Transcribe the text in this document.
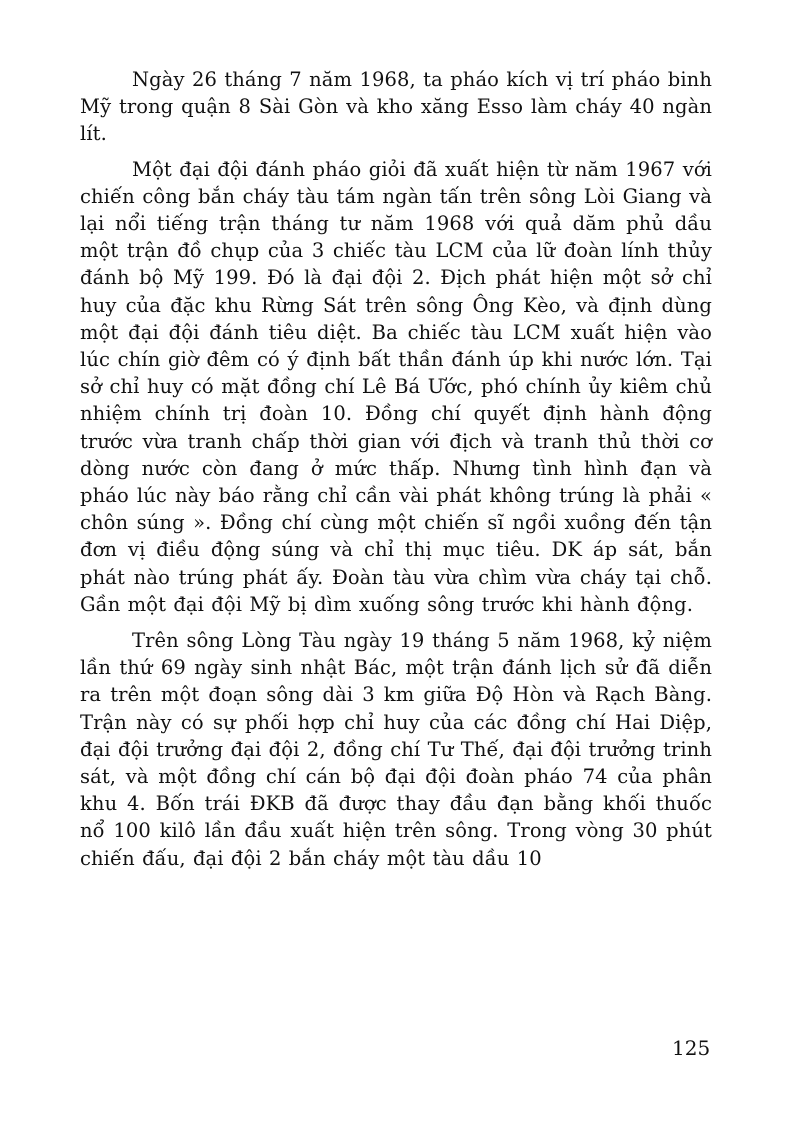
Ngày 26 tháng 7 năm 1968, ta pháo kích vị trí pháo binh Mỹ trong quận 8 Sài Gòn và kho xăng Esso làm cháy 40 ngàn lít.

Một đại đội đánh pháo giỏi đã xuất hiện từ năm 1967 với chiến công bắn cháy tàu tám ngàn tấn trên sông Lòi Giang và lại nổi tiếng trận tháng tư năm 1968 với quả dăm phủ dầu một trận đồ chụp của 3 chiếc tàu LCM của lữ đoàn lính thủy đánh bộ Mỹ 199. Đó là đại đội 2. Địch phát hiện một sở chỉ huy của đặc khu Rừng Sát trên sông Ông Kèo, và định dùng một đại đội đánh tiêu diệt. Ba chiếc tàu LCM xuất hiện vào lúc chín giờ đêm có ý định bất thần đánh úp khi nước lớn. Tại sở chỉ huy có mặt đồng chí Lê Bá Ước, phó chính ủy kiêm chủ nhiệm chính trị đoàn 10. Đồng chí quyết định hành động trước vừa tranh chấp thời gian với địch và tranh thủ thời cơ dòng nước còn đang ở mức thấp. Nhưng tình hình đạn và pháo lúc này báo rằng chỉ cần vài phát không trúng là phải « chôn súng ». Đồng chí cùng một chiến sĩ ngồi xuồng đến tận đơn vị điều động súng và chỉ thị mục tiêu. DK áp sát, bắn phát nào trúng phát ấy. Đoàn tàu vừa chìm vừa cháy tại chỗ. Gần một đại đội Mỹ bị dìm xuống sông trước khi hành động.

Trên sông Lòng Tàu ngày 19 tháng 5 năm 1968, kỷ niệm lần thứ 69 ngày sinh nhật Bác, một trận đánh lịch sử đã diễn ra trên một đoạn sông dài 3 km giữa Độ Hòn và Rạch Bàng. Trận này có sự phối hợp chỉ huy của các đồng chí Hai Diệp, đại đội trưởng đại đội 2, đồng chí Tư Thế, đại đội trưởng trinh sát, và một đồng chí cán bộ đại đội đoàn pháo 74 của phân khu 4. Bốn trái ĐKB đã được thay đầu đạn bằng khối thuốc nổ 100 kilô lần đầu xuất hiện trên sông. Trong vòng 30 phút chiến đấu, đại đội 2 bắn cháy một tàu dầu 10

125
